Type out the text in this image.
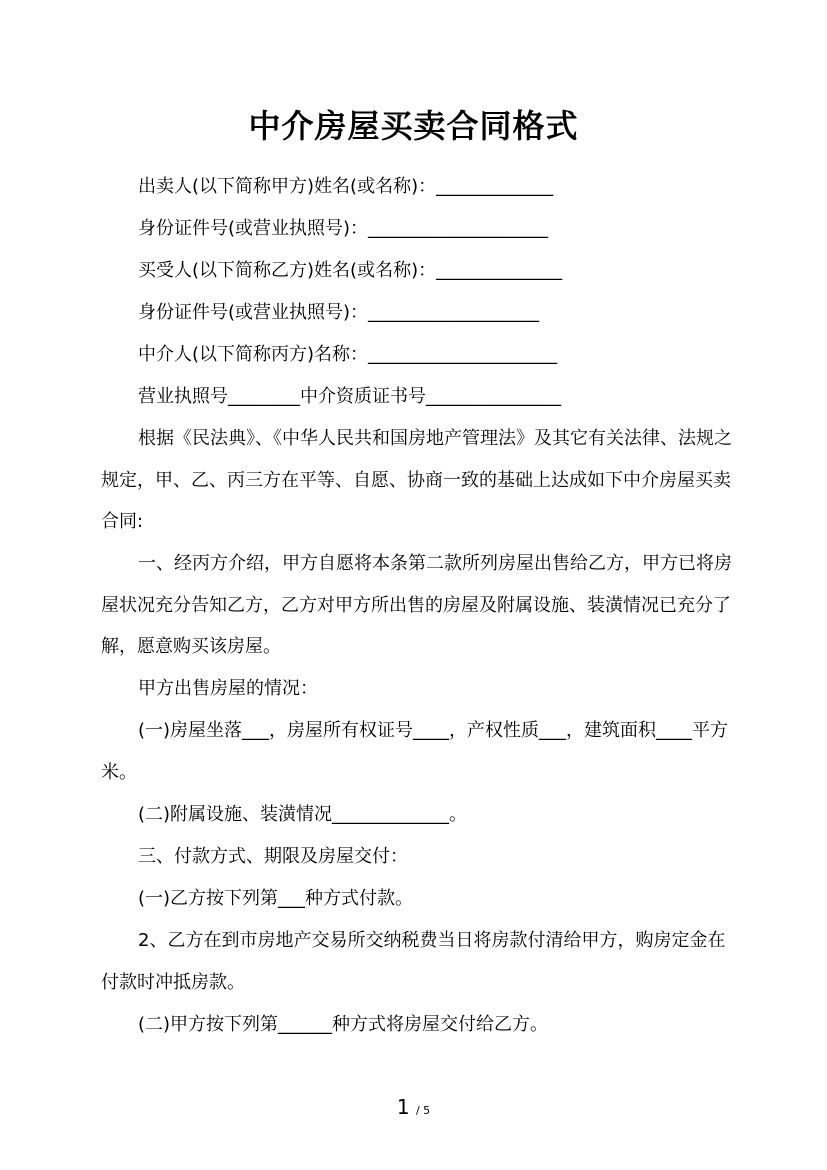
中介房屋买卖合同格式
出卖人(以下简称甲方)姓名(或名称)：_____________
身份证件号(或营业执照号)：____________________
买受人(以下简称乙方)姓名(或名称)：______________
身份证件号(或营业执照号)：___________________
中介人(以下简称丙方)名称：_____________________
营业执照号________中介资质证书号_______________
根据《民法典》、《中华人民共和国房地产管理法》及其它有关法律、法规之规定，甲、乙、丙三方在平等、自愿、协商一致的基础上达成如下中介房屋买卖合同:
一、经丙方介绍，甲方自愿将本条第二款所列房屋出售给乙方，甲方已将房屋状况充分告知乙方，乙方对甲方所出售的房屋及附属设施、装潢情况已充分了解，愿意购买该房屋。
甲方出售房屋的情况：
(一)房屋坐落___，房屋所有权证号____，产权性质___，建筑面积____平方米。
(二)附属设施、装潢情况_____________。
三、付款方式、期限及房屋交付：
(一)乙方按下列第___种方式付款。
2、乙方在到市房地产交易所交纳税费当日将房款付清给甲方，购房定金在付款时冲抵房款。
(二)甲方按下列第______种方式将房屋交付给乙方。
1 / 5
